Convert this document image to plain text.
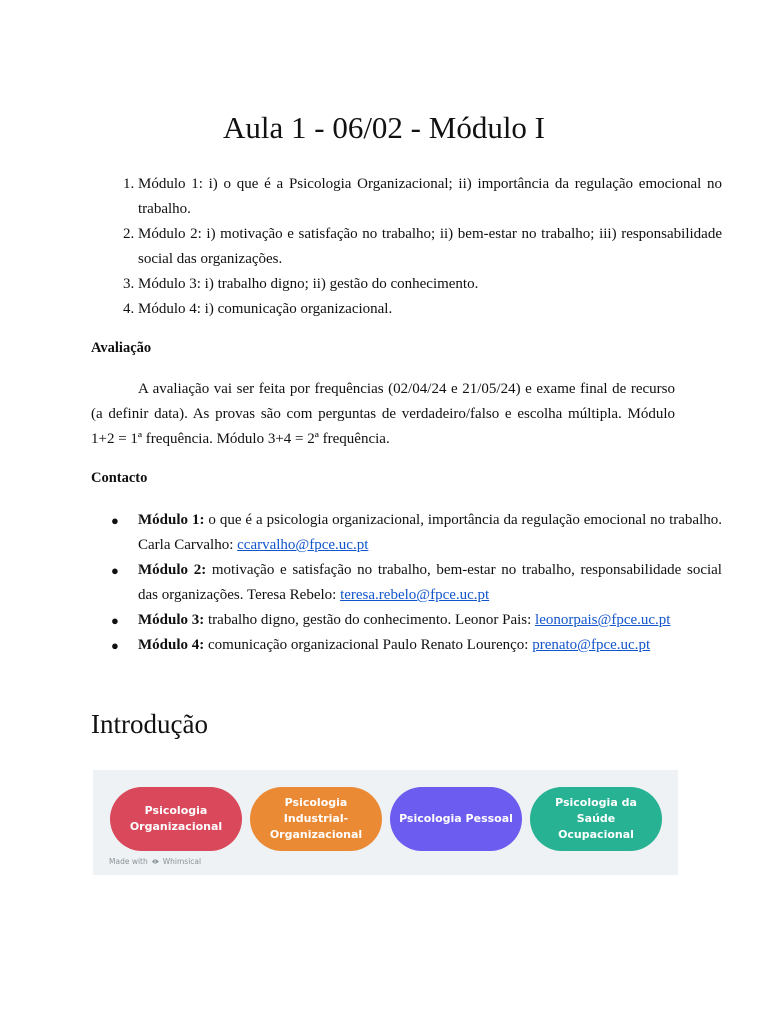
Aula 1 - 06/02 - Módulo I
1. Módulo 1: i) o que é a Psicologia Organizacional; ii) importância da regulação emocional no trabalho.
2. Módulo 2: i) motivação e satisfação no trabalho; ii) bem-estar no trabalho; iii) responsabilidade social das organizações.
3. Módulo 3: i) trabalho digno; ii) gestão do conhecimento.
4. Módulo 4: i) comunicação organizacional.
Avaliação

A avaliação vai ser feita por frequências (02/04/24 e 21/05/24) e exame final de recurso (a definir data). As provas são com perguntas de verdadeiro/falso e escolha múltipla. Módulo 1+2 = 1ª frequência. Módulo 3+4 = 2ª frequência.

Contacto
● Módulo 1: o que é a psicologia organizacional, importância da regulação emocional no trabalho. Carla Carvalho: ccarvalho@fpce.uc.pt
● Módulo 2: motivação e satisfação no trabalho, bem-estar no trabalho, responsabilidade social das organizações. Teresa Rebelo: teresa.rebelo@fpce.uc.pt
● Módulo 3: trabalho digno, gestão do conhecimento. Leonor Pais: leonorpais@fpce.uc.pt
● Módulo 4: comunicação organizacional Paulo Renato Lourenço: prenato@fpce.uc.pt
Introdução
Psicologia Organizacional
Psicologia Industrial-Organizacional
Psicologia Pessoal
Psicologia da Saúde Ocupacional
Made with Whimsical
